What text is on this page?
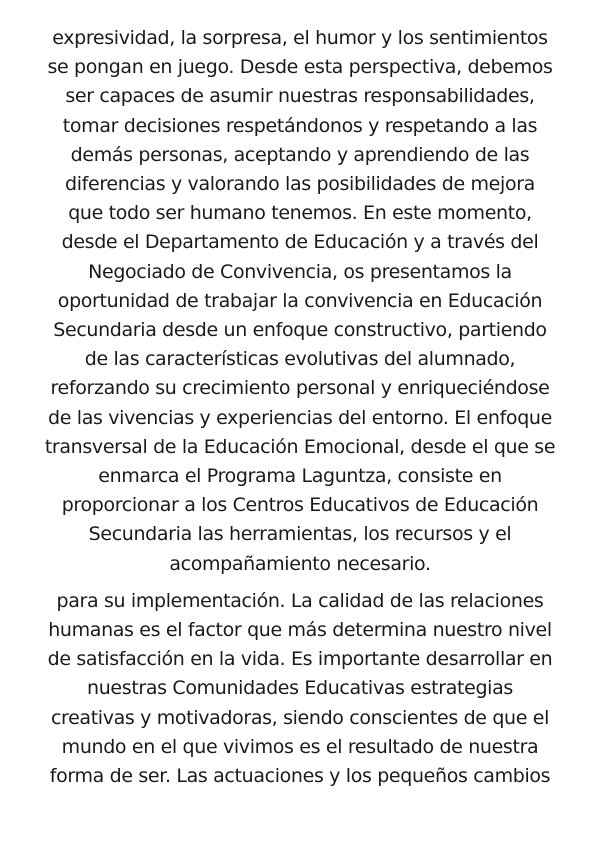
expresividad, la sorpresa, el humor y los sentimientos
se pongan en juego. Desde esta perspectiva, debemos
ser capaces de asumir nuestras responsabilidades,
tomar decisiones respetándonos y respetando a las
demás personas, aceptando y aprendiendo de las
diferencias y valorando las posibilidades de mejora
que todo ser humano tenemos. En este momento,
desde el Departamento de Educación y a través del
Negociado de Convivencia, os presentamos la
oportunidad de trabajar la convivencia en Educación
Secundaria desde un enfoque constructivo, partiendo
de las características evolutivas del alumnado,
reforzando su crecimiento personal y enriqueciéndose
de las vivencias y experiencias del entorno. El enfoque
transversal de la Educación Emocional, desde el que se
enmarca el Programa Laguntza, consiste en
proporcionar a los Centros Educativos de Educación
Secundaria las herramientas, los recursos y el
acompañamiento necesario.

para su implementación. La calidad de las relaciones
humanas es el factor que más determina nuestro nivel
de satisfacción en la vida. Es importante desarrollar en
nuestras Comunidades Educativas estrategias
creativas y motivadoras, siendo conscientes de que el
mundo en el que vivimos es el resultado de nuestra
forma de ser. Las actuaciones y los pequeños cambios
